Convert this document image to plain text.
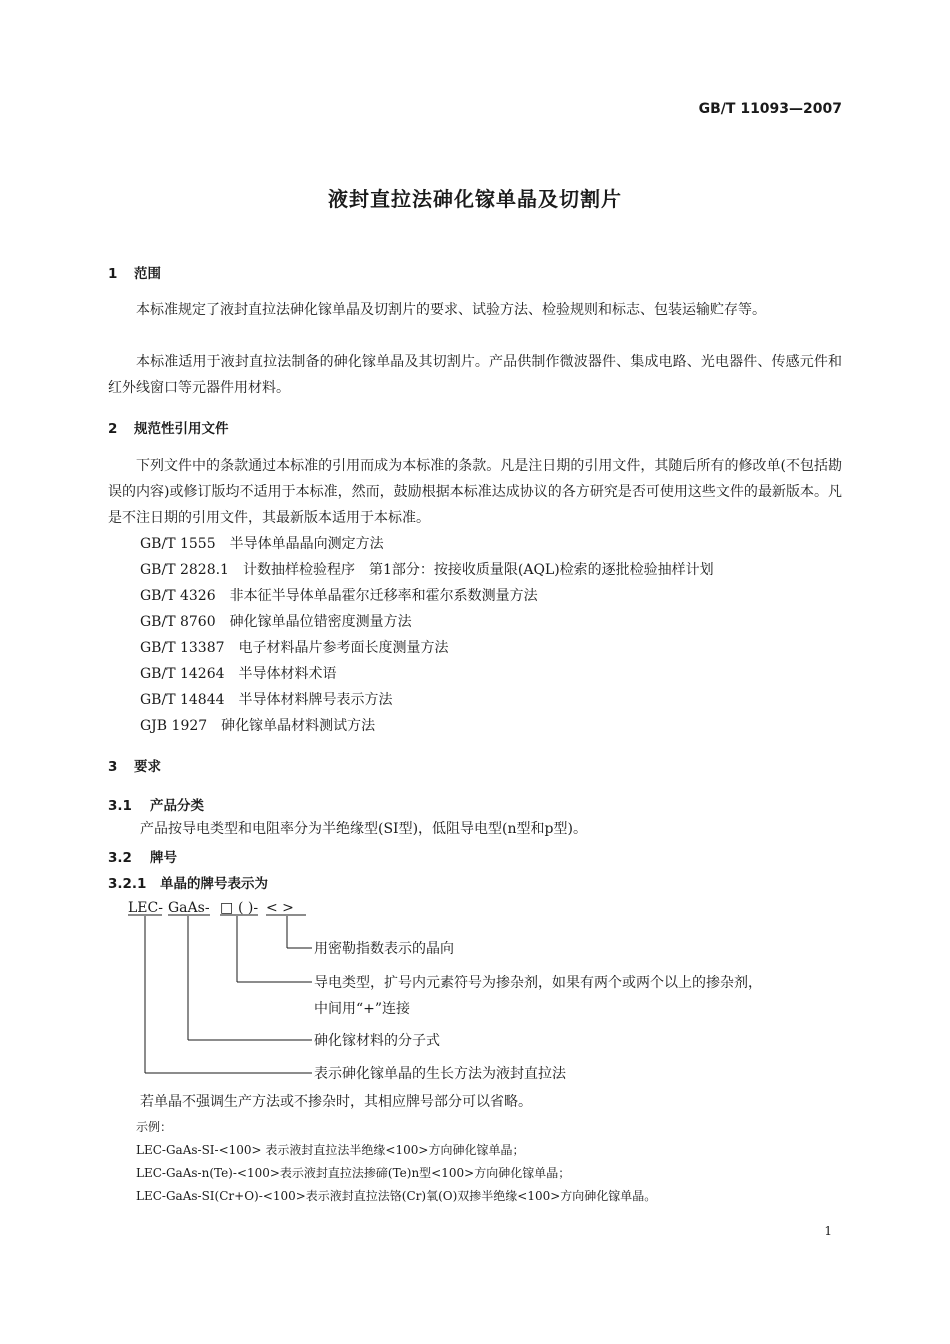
GB/T 11093—2007
液封直拉法砷化镓单晶及切割片
1 范围
本标准规定了液封直拉法砷化镓单晶及切割片的要求、试验方法、检验规则和标志、包装运输贮存等。
本标准适用于液封直拉法制备的砷化镓单晶及其切割片。产品供制作微波器件、集成电路、光电器件、传感元件和红外线窗口等元器件用材料。
2 规范性引用文件
下列文件中的条款通过本标准的引用而成为本标准的条款。凡是注日期的引用文件，其随后所有的修改单(不包括勘误的内容)或修订版均不适用于本标准，然而，鼓励根据本标准达成协议的各方研究是否可使用这些文件的最新版本。凡是不注日期的引用文件，其最新版本适用于本标准。
GB/T 1555 半导体单晶晶向测定方法
GB/T 2828.1 计数抽样检验程序　第1部分：按接收质量限(AQL)检索的逐批检验抽样计划
GB/T 4326 非本征半导体单晶霍尔迁移率和霍尔系数测量方法
GB/T 8760 砷化镓单晶位错密度测量方法
GB/T 13387 电子材料晶片参考面长度测量方法
GB/T 14264 半导体材料术语
GB/T 14844 半导体材料牌号表示方法
GJB 1927 砷化镓单晶材料测试方法
3 要求
3.1 产品分类
产品按导电类型和电阻率分为半绝缘型(SI型)，低阻导电型(n型和p型)。
3.2 牌号
3.2.1 单晶的牌号表示为
LEC- GaAs- □ ( )- < >
用密勒指数表示的晶向
导电类型，扩号内元素符号为掺杂剂，如果有两个或两个以上的掺杂剂，
中间用“+”连接
砷化镓材料的分子式
表示砷化镓单晶的生长方法为液封直拉法
若单晶不强调生产方法或不掺杂时，其相应牌号部分可以省略。
示例：
LEC-GaAs-SI-<100> 表示液封直拉法半绝缘<100>方向砷化镓单晶；
LEC-GaAs-n(Te)-<100>表示液封直拉法掺碲(Te)n型<100>方向砷化镓单晶；
LEC-GaAs-SI(Cr+O)-<100>表示液封直拉法铬(Cr)氧(O)双掺半绝缘<100>方向砷化镓单晶。
1
